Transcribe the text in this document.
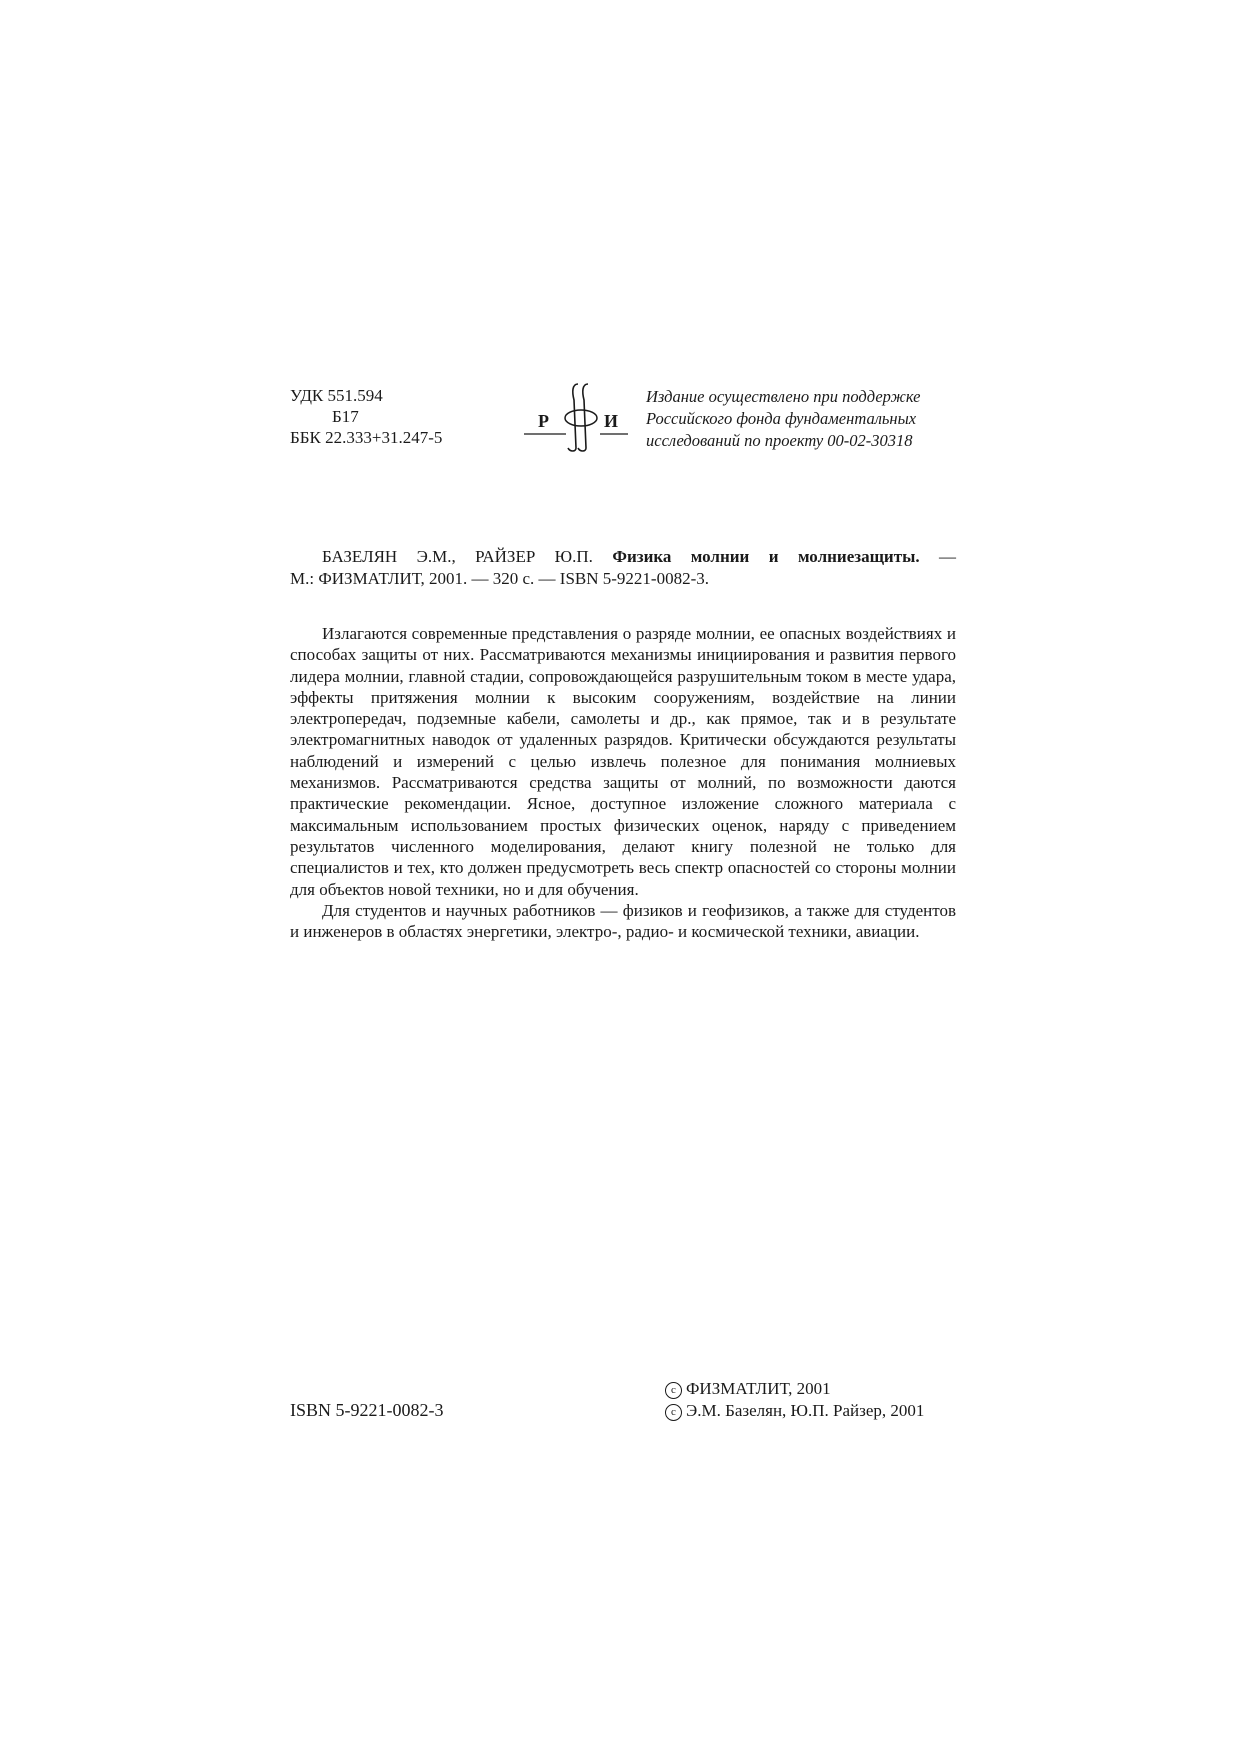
УДК 551.594
Б17
ББК 22.333+31.247-5
Р	И
Ф
Издание осуществлено при поддержке
Российского фонда фундаментальных
исследований по проекту 00-02-30318
БАЗЕЛЯН Э.М., РАЙЗЕР Ю.П. Физика молнии и молниезащиты. —
М.: ФИЗМАТЛИТ, 2001. — 320 с. — ISBN 5-9221-0082-3.

Излагаются современные представления о разряде молнии, ее опасных воздействиях и способах защиты от них. Рассматриваются механизмы инициирования и развития первого лидера молнии, главной стадии, сопровождающейся разрушительным током в месте удара, эффекты притяжения молнии к высоким сооружениям, воздействие на линии электропередач, подземные кабели, самолеты и др., как прямое, так и в результате электромагнитных наводок от удаленных разрядов. Критически обсуждаются результаты наблюдений и измерений с целью извлечь полезное для понимания молниевых механизмов. Рассматриваются средства защиты от молний, по возможности даются практические рекомендации. Ясное, доступное изложение сложного материала с максимальным использованием простых физических оценок, наряду с приведением результатов численного моделирования, делают книгу полезной не только для специалистов и тех, кто должен предусмотреть весь спектр опасностей со стороны молнии для объектов новой техники, но и для обучения.

Для студентов и научных работников — физиков и геофизиков, а также для студентов и инженеров в областях энергетики, электро-, радио- и космической техники, авиации.

ISBN 5-9221-0082-3
c ФИЗМАТЛИТ, 2001
c Э.М. Базелян, Ю.П. Райзер, 2001
